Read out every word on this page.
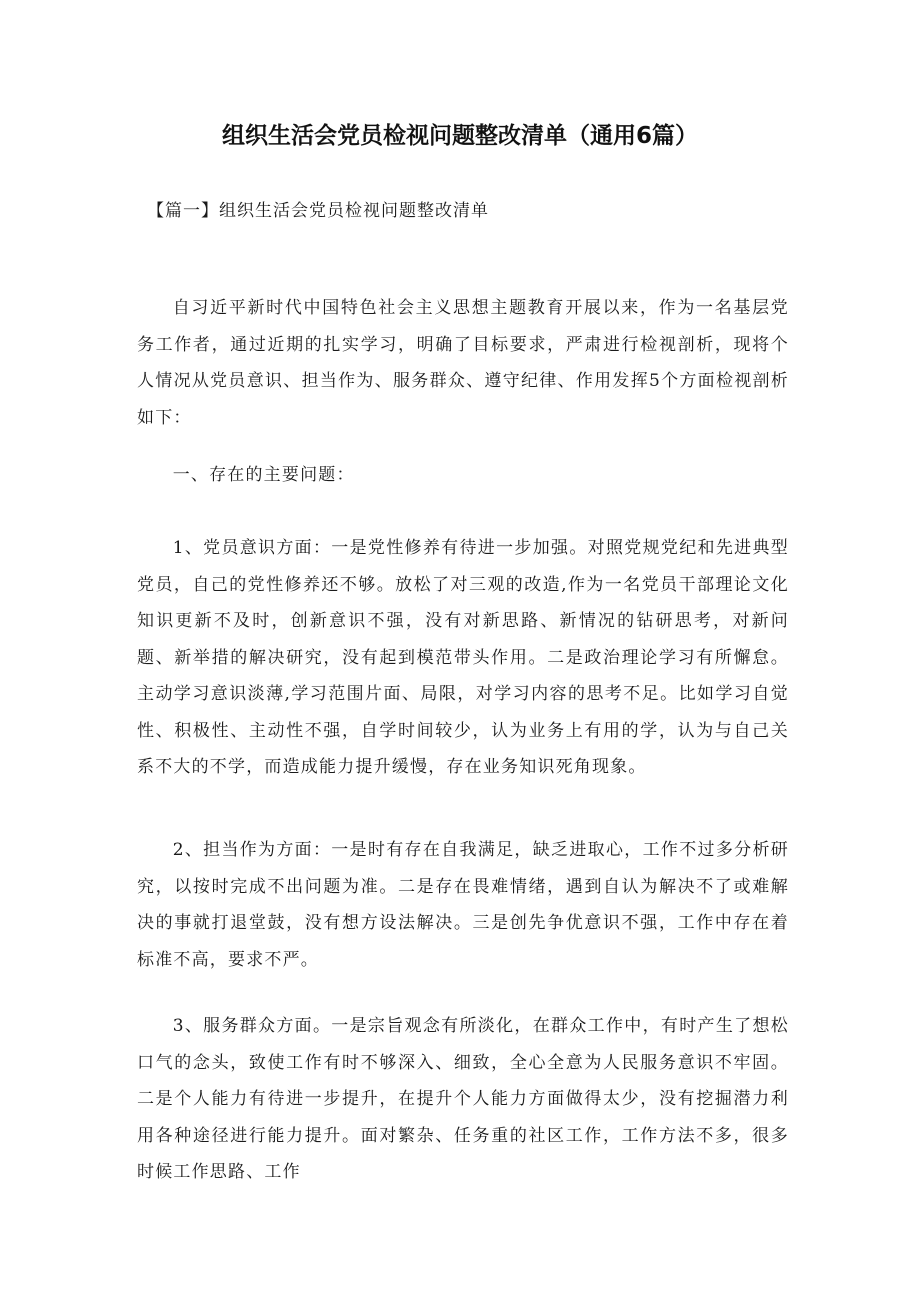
组织生活会党员检视问题整改清单（通用6篇）
【篇一】组织生活会党员检视问题整改清单

自习近平新时代中国特色社会主义思想主题教育开展以来，作为一名基层党务工作者，通过近期的扎实学习，明确了目标要求，严肃进行检视剖析，现将个人情况从党员意识、担当作为、服务群众、遵守纪律、作用发挥5个方面检视剖析如下：

一、存在的主要问题：

1、党员意识方面：一是党性修养有待进一步加强。对照党规党纪和先进典型党员，自己的党性修养还不够。放松了对三观的改造,作为一名党员干部理论文化知识更新不及时，创新意识不强，没有对新思路、新情况的钻研思考，对新问题、新举措的解决研究，没有起到模范带头作用。二是政治理论学习有所懈怠。主动学习意识淡薄,学习范围片面、局限，对学习内容的思考不足。比如学习自觉性、积极性、主动性不强，自学时间较少，认为业务上有用的学，认为与自己关系不大的不学，而造成能力提升缓慢，存在业务知识死角现象。

2、担当作为方面：一是时有存在自我满足，缺乏进取心，工作不过多分析研究，以按时完成不出问题为准。二是存在畏难情绪，遇到自认为解决不了或难解决的事就打退堂鼓，没有想方设法解决。三是创先争优意识不强，工作中存在着标准不高，要求不严。

3、服务群众方面。一是宗旨观念有所淡化，在群众工作中，有时产生了想松口气的念头，致使工作有时不够深入、细致，全心全意为人民服务意识不牢固。二是个人能力有待进一步提升，在提升个人能力方面做得太少，没有挖掘潜力利用各种途径进行能力提升。面对繁杂、任务重的社区工作，工作方法不多，很多时候工作思路、工作
